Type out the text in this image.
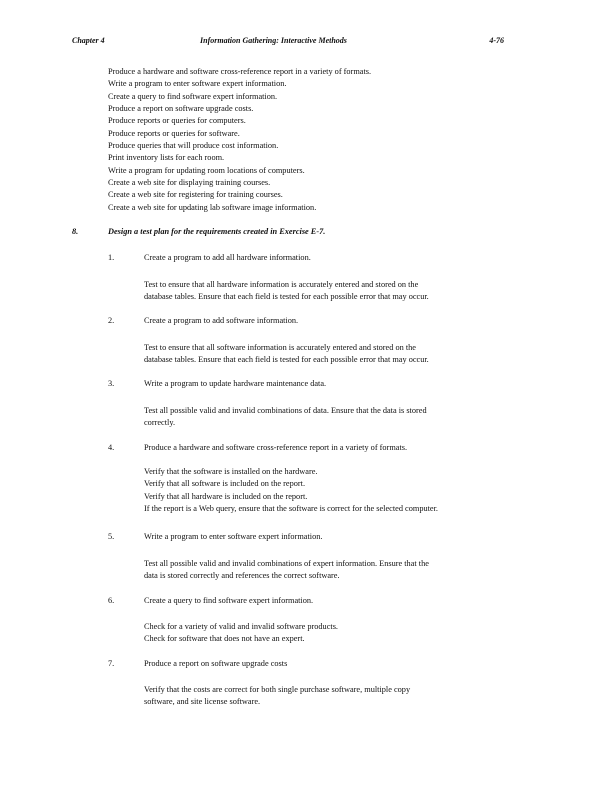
Chapter 4	Information Gathering: Interactive Methods	4-76
Produce a hardware and software cross-reference report in a variety of formats.
Write a program to enter software expert information.
Create a query to find software expert information.
Produce a report on software upgrade costs.
Produce reports or queries for computers.
Produce reports or queries for software.
Produce queries that will produce cost information.
Print inventory lists for each room.
Write a program for updating room locations of computers.
Create a web site for displaying training courses.
Create a web site for registering for training courses.
Create a web site for updating lab software image information.
8.	Design a test plan for the requirements created in Exercise E-7.
1.	Create a program to add all hardware information.
Test to ensure that all hardware information is accurately entered and stored on the
database tables. Ensure that each field is tested for each possible error that may occur.
2.	Create a program to add software information.
Test to ensure that all software information is accurately entered and stored on the
database tables. Ensure that each field is tested for each possible error that may occur.
3.	Write a program to update hardware maintenance data.
Test all possible valid and invalid combinations of data. Ensure that the data is stored
correctly.
4.	Produce a hardware and software cross-reference report in a variety of formats.
Verify that the software is installed on the hardware.
Verify that all software is included on the report.
Verify that all hardware is included on the report.
If the report is a Web query, ensure that the software is correct for the selected computer.
5.	Write a program to enter software expert information.
Test all possible valid and invalid combinations of expert information. Ensure that the
data is stored correctly and references the correct software.
6.	Create a query to find software expert information.
Check for a variety of valid and invalid software products.
Check for software that does not have an expert.
7.	Produce a report on software upgrade costs
Verify that the costs are correct for both single purchase software, multiple copy
software, and site license software.
